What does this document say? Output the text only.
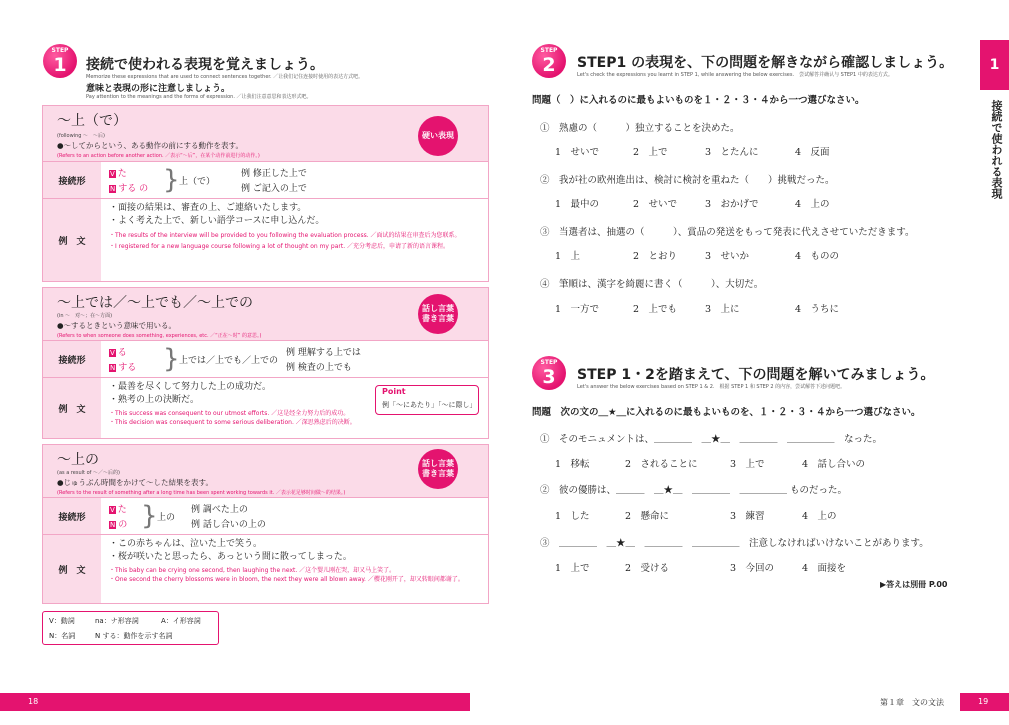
STEP
1	接続で使われる表現を覚えましょう。
Memorize these expressions that are used to connect sentences together. ／让我们记住连接时使用的表达方式吧。
意味と表現の形に注意しましょう。
Pay attention to the meanings and the forms of expression. ／让我们注意意思和表达形式吧。
〜上（で）
(following 〜　〜后)
●〜してからという、ある動作の前にする動作を表す。
(Refers to an action before another action. ／表示“〜后”，在某个动作前进行的动作。)
硬い表現
接続形
V た
N する の } 上（で）
例 修正した上で
例 ご記入の上で
例　文
・面接の結果は、審査の上、ご連絡いたします。
・よく考えた上で、新しい語学コースに申し込んだ。
・The results of the interview will be provided to you following the evaluation process. ／面试的结果在审查后为您联系。
・I registered for a new language course following a lot of thought on my part. ／充分考虑后，申请了新的语言课程。
〜上では／〜上でも／〜上での
(in 〜　对〜；在〜方面)
●〜するときという意味で用いる。
(Refers to when someone does something, experiences, etc. ／“正在〜时” 的意思。)
話し言葉
書き言葉
接続形
V る
N する } 上では／上でも／上での
例 理解する上では
例 検査の上でも
例　文
・最善を尽くして努力した上の成功だ。
・熟考の上の決断だ。
・This success was consequent to our utmost efforts. ／这是经全力努力后的成功。
・This decision was consequent to some serious deliberation. ／深思熟虑后的决断。
Point
例「〜にあたり」「〜に際し」
〜上の
(as a result of 〜／〜后的)
●じゅうぶん時間をかけて〜した結果を表す。
(Refers to the result of something after a long time has been spent working towards it. ／表示花足够时间做〜的结果。)
話し言葉
書き言葉
接続形
V た
N の } 上の
例 調べた上の
例 話し合いの上の
例　文
・この赤ちゃんは、泣いた上で笑う。
・桜が咲いたと思ったら、あっという間に散ってしまった。
・This baby can be crying one second, then laughing the next. ／这个婴儿刚在哭，却又马上笑了。
・One second the cherry blossoms were in bloom, the next they were all blown away. ／樱花刚开了，却又转眼间都谢了。
V：動詞	na：ナ形容詞	A：イ形容詞
N：名詞	N する：動作を示す名詞
18
STEP
2	STEP1 の表現を、下の問題を解きながら確認しましょう。
Let's check the expressions you learnt in STEP 1, while answering the below exercises.　尝试解答并确认与 STEP1 中的表达方式。
問題（　）に入れるのに最もよいものを１・２・３・４から一つ選びなさい。
①　熟慮の（　　　）独立することを決めた。
1　せいで	2　上で	3　とたんに	4　反面
②　我が社の欧州進出は、検討に検討を重ねた（　　）挑戦だった。
1　最中の	2　せいで	3　おかげで	4　上の
③　当選者は、抽選の（　　　）、賞品の発送をもって発表に代えさせていただきます。
1　上	2　とおり	3　せいか	4　ものの
④　筆順は、漢字を綺麗に書く（　　　）、大切だ。
1　一方で	2　上でも	3　上に	4　うちに
STEP
3	STEP 1・2を踏まえて、下の問題を解いてみましょう。
Let's answer the below exercises based on STEP 1 & 2.　根据 STEP 1 和 STEP 2 的内容，尝试解答下述问题吧。
問題　次の文の＿★＿に入れるのに最もよいものを、１・２・３・４から一つ選びなさい。
①　そのモニュメントは、＿＿＿＿　＿★＿　＿＿＿＿　＿＿＿＿＿　なった。
1　移転	2　されることに	3　上で	4　話し合いの
②　彼の優勝は、＿＿＿　＿★＿　＿＿＿＿　＿＿＿＿＿ ものだった。
1　した	2　懸命に	3　練習	4　上の
③　＿＿＿＿　＿★＿　＿＿＿＿　＿＿＿＿＿　注意しなければいけないことがあります。
1　上で	2　受ける	3　今回の	4　面接を
▶答えは別冊 P.00
1
接続で使われる表現
第１章　文の文法	19
